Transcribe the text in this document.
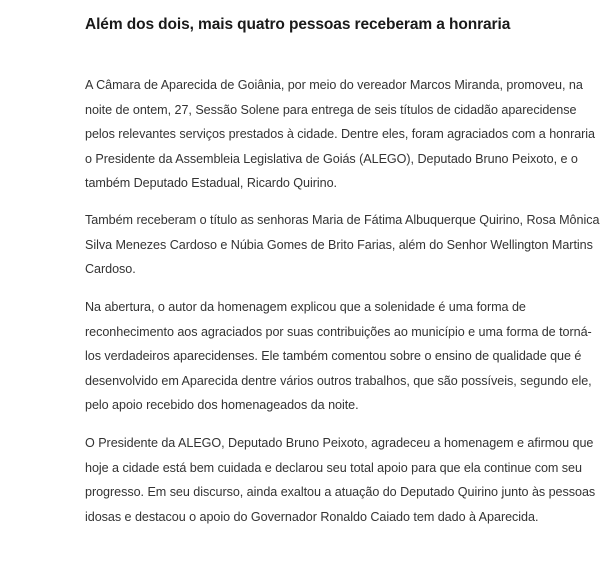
Além dos dois, mais quatro pessoas receberam a honraria

A Câmara de Aparecida de Goiânia, por meio do vereador Marcos Miranda, promoveu, na noite de ontem, 27, Sessão Solene para entrega de seis títulos de cidadão aparecidense pelos relevantes serviços prestados à cidade. Dentre eles, foram agraciados com a honraria o Presidente da Assembleia Legislativa de Goiás (ALEGO), Deputado Bruno Peixoto, e o também Deputado Estadual, Ricardo Quirino.

Também receberam o título as senhoras Maria de Fátima Albuquerque Quirino, Rosa Mônica Silva Menezes Cardoso e Núbia Gomes de Brito Farias, além do Senhor Wellington Martins Cardoso.

Na abertura, o autor da homenagem explicou que a solenidade é uma forma de reconhecimento aos agraciados por suas contribuições ao município e uma forma de torná-los verdadeiros aparecidenses. Ele também comentou sobre o ensino de qualidade que é desenvolvido em Aparecida dentre vários outros trabalhos, que são possíveis, segundo ele, pelo apoio recebido dos homenageados da noite.

O Presidente da ALEGO, Deputado Bruno Peixoto, agradeceu a homenagem e afirmou que hoje a cidade está bem cuidada e declarou seu total apoio para que ela continue com seu progresso. Em seu discurso, ainda exaltou a atuação do Deputado Quirino junto às pessoas idosas e destacou o apoio do Governador Ronaldo Caiado tem dado à Aparecida.
